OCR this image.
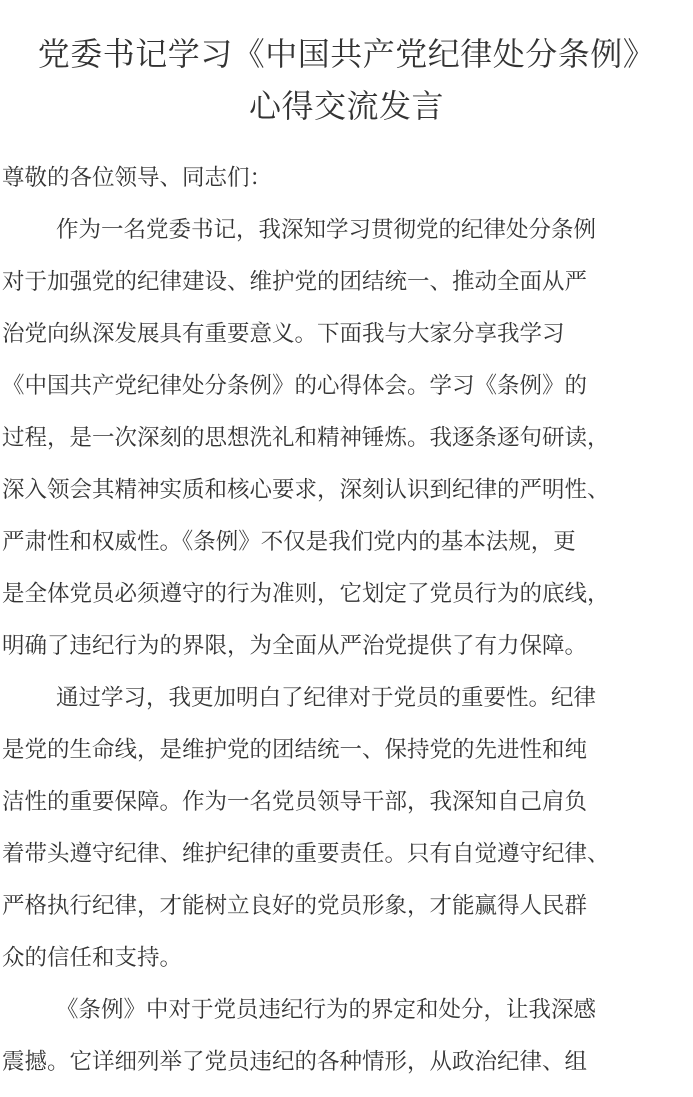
党委书记学习《中国共产党纪律处分条例》
心得交流发言
尊敬的各位领导、同志们：
作为一名党委书记，我深知学习贯彻党的纪律处分条例
对于加强党的纪律建设、维护党的团结统一、推动全面从严
治党向纵深发展具有重要意义。下面我与大家分享我学习
《中国共产党纪律处分条例》的心得体会。学习《条例》的
过程，是一次深刻的思想洗礼和精神锤炼。我逐条逐句研读，
深入领会其精神实质和核心要求，深刻认识到纪律的严明性、
严肃性和权威性。《条例》不仅是我们党内的基本法规，更
是全体党员必须遵守的行为准则，它划定了党员行为的底线，
明确了违纪行为的界限，为全面从严治党提供了有力保障。
通过学习，我更加明白了纪律对于党员的重要性。纪律
是党的生命线，是维护党的团结统一、保持党的先进性和纯
洁性的重要保障。作为一名党员领导干部，我深知自己肩负
着带头遵守纪律、维护纪律的重要责任。只有自觉遵守纪律、
严格执行纪律，才能树立良好的党员形象，才能赢得人民群
众的信任和支持。
《条例》中对于党员违纪行为的界定和处分，让我深感
震撼。它详细列举了党员违纪的各种情形，从政治纪律、组
